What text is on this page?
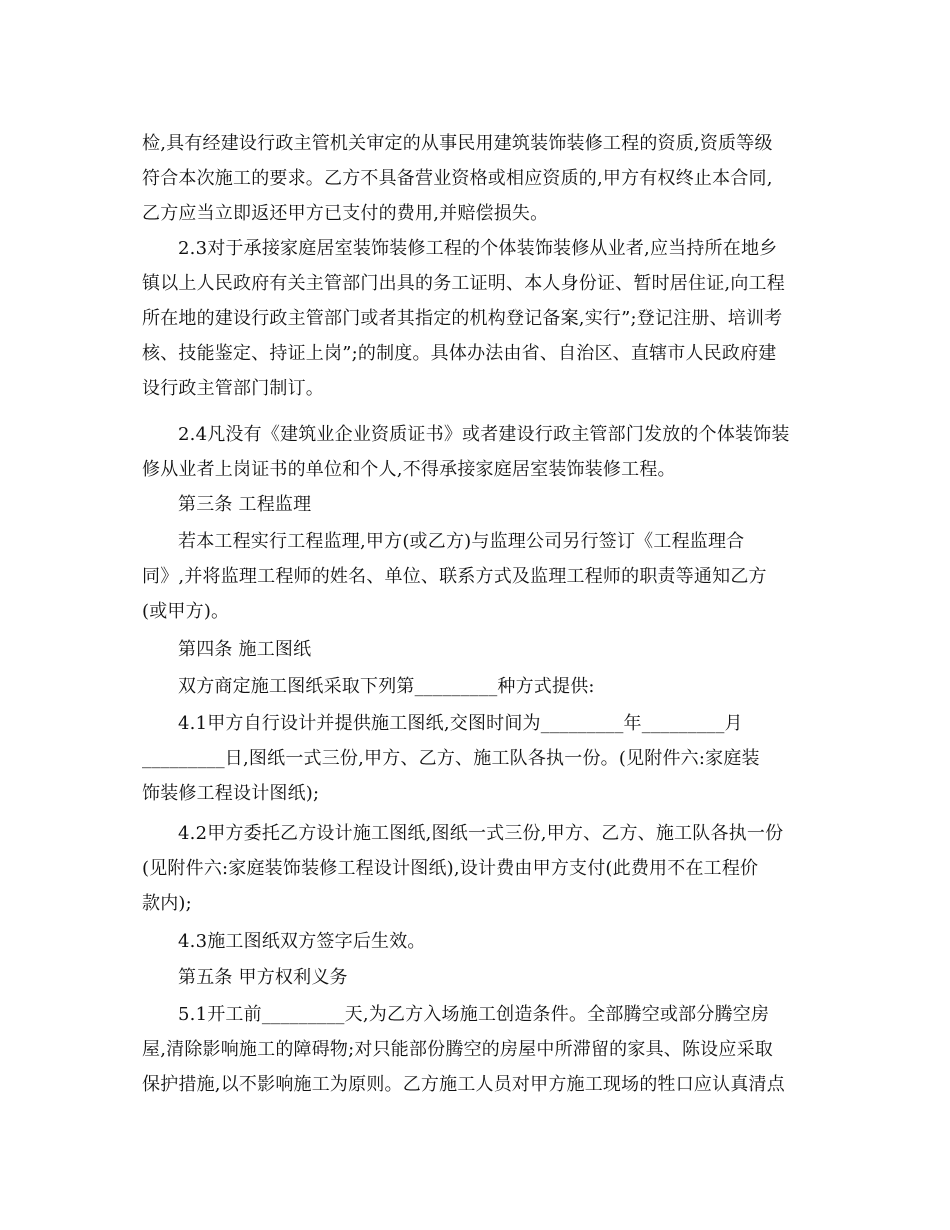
检,具有经建设行政主管机关审定的从事民用建筑装饰装修工程的资质,资质等级
符合本次施工的要求。乙方不具备营业资格或相应资质的,甲方有权终止本合同,
乙方应当立即返还甲方已支付的费用,并赔偿损失。
2.3对于承接家庭居室装饰装修工程的个体装饰装修从业者,应当持所在地乡
镇以上人民政府有关主管部门出具的务工证明、本人身份证、暂时居住证,向工程
所在地的建设行政主管部门或者其指定的机构登记备案,实行”;登记注册、培训考
核、技能鉴定、持证上岗”;的制度。具体办法由省、自治区、直辖市人民政府建
设行政主管部门制订。
2.4凡没有《建筑业企业资质证书》或者建设行政主管部门发放的个体装饰装
修从业者上岗证书的单位和个人,不得承接家庭居室装饰装修工程。
第三条 工程监理
若本工程实行工程监理,甲方(或乙方)与监理公司另行签订《工程监理合
同》,并将监理工程师的姓名、单位、联系方式及监理工程师的职责等通知乙方
(或甲方)。
第四条 施工图纸
双方商定施工图纸采取下列第_________种方式提供:
4.1甲方自行设计并提供施工图纸,交图时间为_________年_________月
_________日,图纸一式三份,甲方、乙方、施工队各执一份。(见附件六:家庭装
饰装修工程设计图纸);
4.2甲方委托乙方设计施工图纸,图纸一式三份,甲方、乙方、施工队各执一份
(见附件六:家庭装饰装修工程设计图纸),设计费由甲方支付(此费用不在工程价
款内);
4.3施工图纸双方签字后生效。
第五条 甲方权利义务
5.1开工前_________天,为乙方入场施工创造条件。全部腾空或部分腾空房
屋,清除影响施工的障碍物;对只能部份腾空的房屋中所滞留的家具、陈设应采取
保护措施,以不影响施工为原则。乙方施工人员对甲方施工现场的牲口应认真清点
